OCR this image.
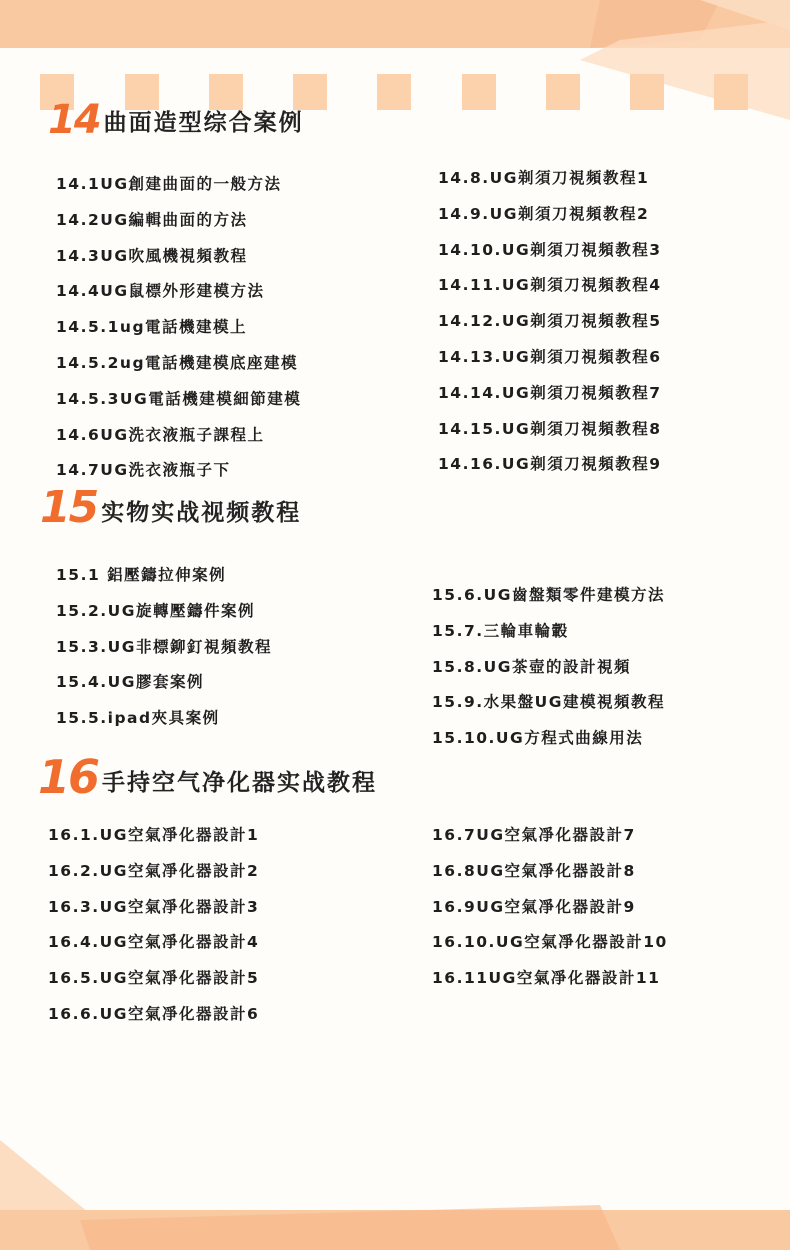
14 曲面造型综合案例
14.1UG創建曲面的一般方法
14.2UG編輯曲面的方法
14.3UG吹風機視頻教程
14.4UG鼠標外形建模方法
14.5.1ug電話機建模上
14.5.2ug電話機建模底座建模
14.5.3UG電話機建模細節建模
14.6UG洗衣液瓶子課程上
14.7UG洗衣液瓶子下
14.8.UG剃須刀視頻教程1
14.9.UG剃須刀視頻教程2
14.10.UG剃須刀視頻教程3
14.11.UG剃須刀視頻教程4
14.12.UG剃須刀視頻教程5
14.13.UG剃須刀視頻教程6
14.14.UG剃須刀視頻教程7
14.15.UG剃須刀視頻教程8
14.16.UG剃須刀視頻教程9
15 实物实战视频教程
15.1 鋁壓鑄拉伸案例
15.2.UG旋轉壓鑄件案例
15.3.UG非標鉚釘視頻教程
15.4.UG膠套案例
15.5.ipad夾具案例
15.6.UG齒盤類零件建模方法
15.7.三輪車輪轂
15.8.UG茶壺的設計視頻
15.9.水果盤UG建模視頻教程
15.10.UG方程式曲線用法
16 手持空气净化器实战教程
16.1.UG空氣凈化器設計1
16.2.UG空氣凈化器設計2
16.3.UG空氣凈化器設計3
16.4.UG空氣凈化器設計4
16.5.UG空氣凈化器設計5
16.6.UG空氣凈化器設計6
16.7UG空氣凈化器設計7
16.8UG空氣凈化器設計8
16.9UG空氣凈化器設計9
16.10.UG空氣凈化器設計10
16.11UG空氣凈化器設計11
